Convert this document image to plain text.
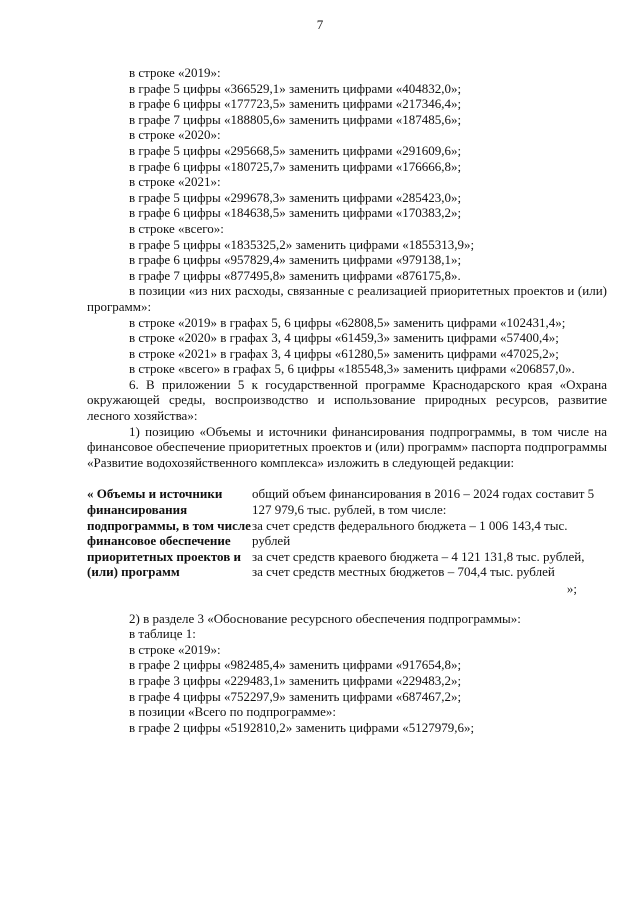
7

в строке «2019»:

в графе 5 цифры «366529,1» заменить цифрами «404832,0»;

в графе 6 цифры «177723,5» заменить цифрами «217346,4»;

в графе 7 цифры «188805,6» заменить цифрами «187485,6»;

в строке «2020»:

в графе 5 цифры «295668,5» заменить цифрами «291609,6»;

в графе 6 цифры «180725,7» заменить цифрами «176666,8»;

в строке «2021»:

в графе 5 цифры «299678,3» заменить цифрами «285423,0»;

в графе 6 цифры «184638,5» заменить цифрами «170383,2»;

в строке «всего»:

в графе 5 цифры «1835325,2» заменить цифрами «1855313,9»;

в графе 6 цифры «957829,4» заменить цифрами «979138,1»;

в графе 7 цифры «877495,8» заменить цифрами «876175,8».

в позиции «из них расходы, связанные с реализацией приоритетных проектов и (или) программ»:

в строке «2019» в графах 5, 6 цифры «62808,5» заменить цифрами «102431,4»;

в строке «2020» в графах 3, 4 цифры «61459,3» заменить цифрами «57400,4»;

в строке «2021» в графах 3, 4 цифры «61280,5» заменить цифрами «47025,2»;

в строке «всего» в графах 5, 6 цифры «185548,3» заменить цифрами «206857,0».

6. В приложении 5 к государственной программе Краснодарского края «Охрана окружающей среды, воспроизводство и использование природных ресурсов, развитие лесного хозяйства»:

1) позицию «Объемы и источники финансирования подпрограммы, в том числе на финансовое обеспечение приоритетных проектов и (или) программ» паспорта подпрограммы «Развитие водохозяйственного комплекса» изложить в следующей редакции:

« Объемы и источники финансирования подпрограммы, в том числе финансовое обеспечение приоритетных проектов и (или) программ

общий объем финансирования в 2016 – 2024 годах составит 5 127 979,6 тыс. рублей, в том числе:

за счет средств федерального бюджета – 1 006 143,4 тыс. рублей

за счет средств краевого бюджета – 4 121 131,8 тыс. рублей,

за счет средств местных бюджетов – 704,4 тыс. рублей

»;

2) в разделе 3 «Обоснование ресурсного обеспечения подпрограммы»:

в таблице 1:

в строке «2019»:

в графе 2 цифры «982485,4» заменить цифрами «917654,8»;

в графе 3 цифры «229483,1» заменить цифрами «229483,2»;

в графе 4 цифры «752297,9» заменить цифрами «687467,2»;

в позиции «Всего по подпрограмме»:

в графе 2 цифры «5192810,2» заменить цифрами «5127979,6»;
